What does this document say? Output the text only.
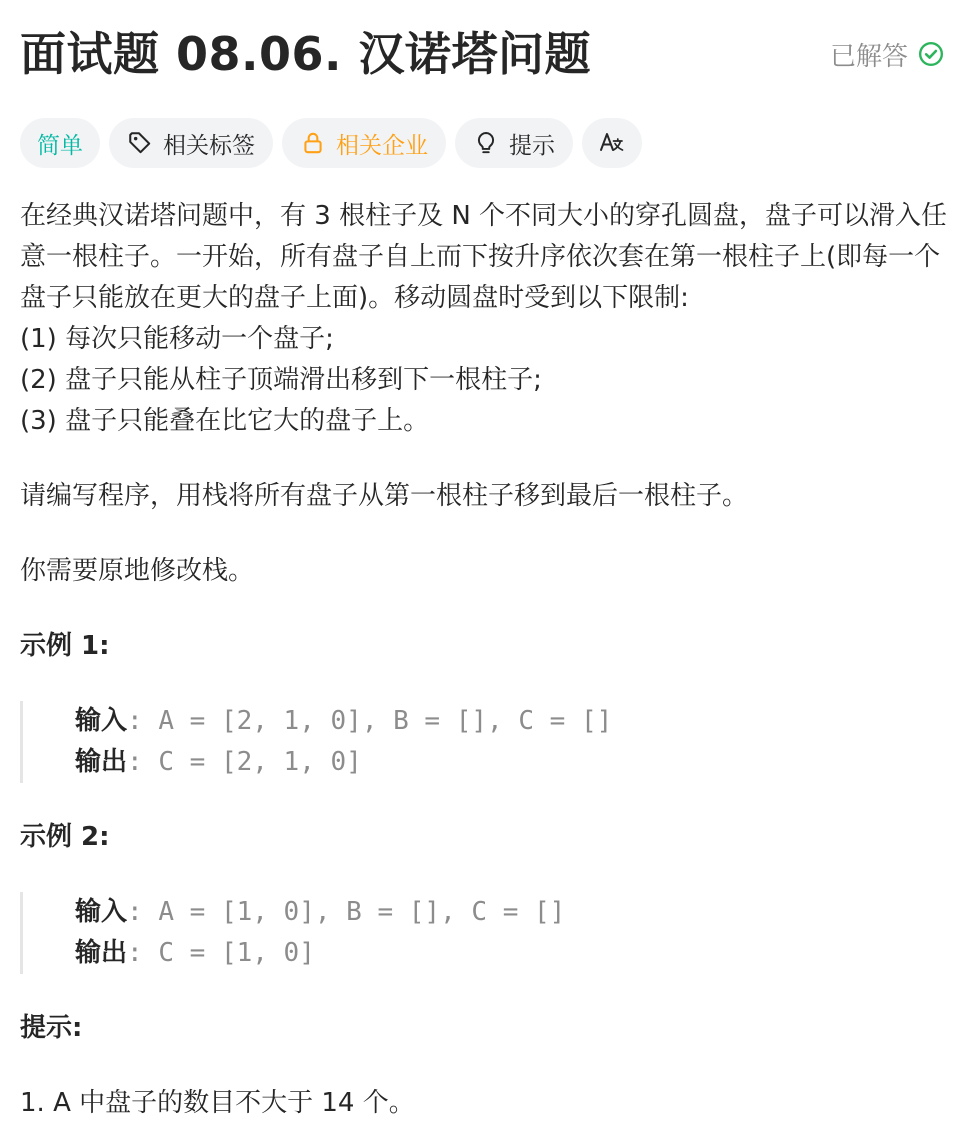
面试题 08.06. 汉诺塔问题	已解答
简单	相关标签	相关企业	提示

在经典汉诺塔问题中，有 3 根柱子及 N 个不同大小的穿孔圆盘，盘子可以滑入任意一根柱子。一开始，所有盘子自上而下按升序依次套在第一根柱子上(即每一个盘子只能放在更大的盘子上面)。移动圆盘时受到以下限制:

(1) 每次只能移动一个盘子;

(2) 盘子只能从柱子顶端滑出移到下一根柱子;

(3) 盘子只能叠在比它大的盘子上。

请编写程序，用栈将所有盘子从第一根柱子移到最后一根柱子。

你需要原地修改栈。

示例 1:

输入: A = [2, 1, 0], B = [], C = []
输出: C = [2, 1, 0]

示例 2:

输入: A = [1, 0], B = [], C = []
输出: C = [1, 0]

提示:

1. A 中盘子的数目不大于 14 个。
